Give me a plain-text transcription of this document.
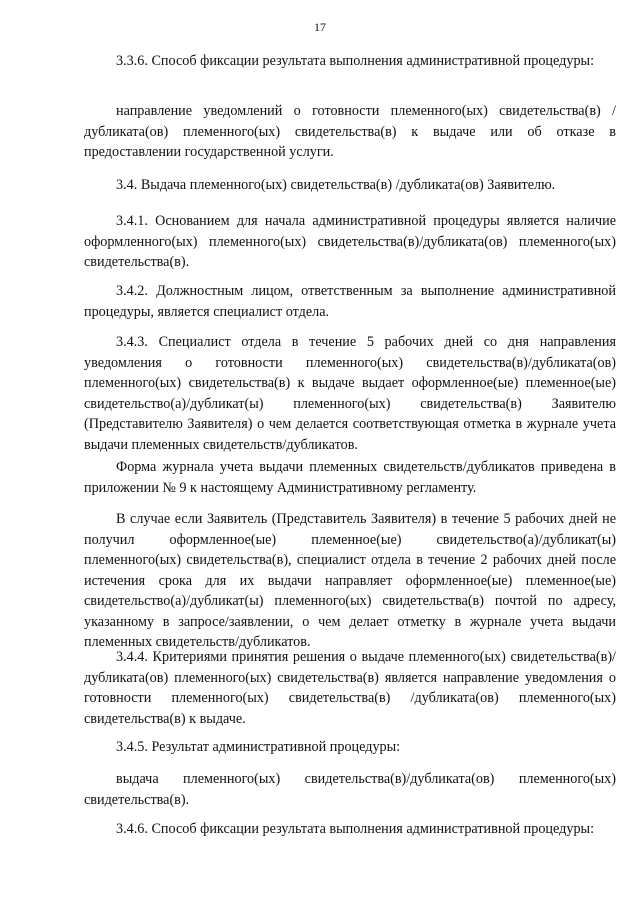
17

3.3.6. Способ фиксации результата выполнения административной процедуры:

направление уведомлений о готовности племенного(ых) свидетельства(в) /дубликата(ов) племенного(ых) свидетельства(в) к выдаче или об отказе в предоставлении государственной услуги.

3.4. Выдача племенного(ых) свидетельства(в) /дубликата(ов) Заявителю.

3.4.1. Основанием для начала административной процедуры является наличие оформленного(ых) племенного(ых) свидетельства(в)/дубликата(ов) племенного(ых) свидетельства(в).

3.4.2. Должностным лицом, ответственным за выполнение административной процедуры, является специалист отдела.

3.4.3. Специалист отдела в течение 5 рабочих дней со дня направления уведомления о готовности племенного(ых) свидетельства(в)/дубликата(ов) племенного(ых) свидетельства(в) к выдаче выдает оформленное(ые) племенное(ые) свидетельство(а)/дубликат(ы) племенного(ых) свидетельства(в) Заявителю (Представителю Заявителя) о чем делается соответствующая отметка в журнале учета выдачи племенных свидетельств/дубликатов.

Форма журнала учета выдачи племенных свидетельств/дубликатов приведена в приложении № 9 к настоящему Административному регламенту.

В случае если Заявитель (Представитель Заявителя) в течение 5 рабочих дней не получил оформленное(ые) племенное(ые) свидетельство(а)/дубликат(ы) племенного(ых) свидетельства(в), специалист отдела в течение 2 рабочих дней после истечения срока для их выдачи направляет оформленное(ые) племенное(ые) свидетельство(а)/дубликат(ы) племенного(ых) свидетельства(в) почтой по адресу, указанному в запросе/заявлении, о чем делает отметку в журнале учета выдачи племенных свидетельств/дубликатов.

3.4.4. Критериями принятия решения о выдаче племенного(ых) свидетельства(в)/дубликата(ов) племенного(ых) свидетельства(в) является направление уведомления о готовности племенного(ых) свидетельства(в) /дубликата(ов) племенного(ых) свидетельства(в) к выдаче.

3.4.5. Результат административной процедуры:

выдача племенного(ых) свидетельства(в)/дубликата(ов) племенного(ых) свидетельства(в).

3.4.6. Способ фиксации результата выполнения административной процедуры:
